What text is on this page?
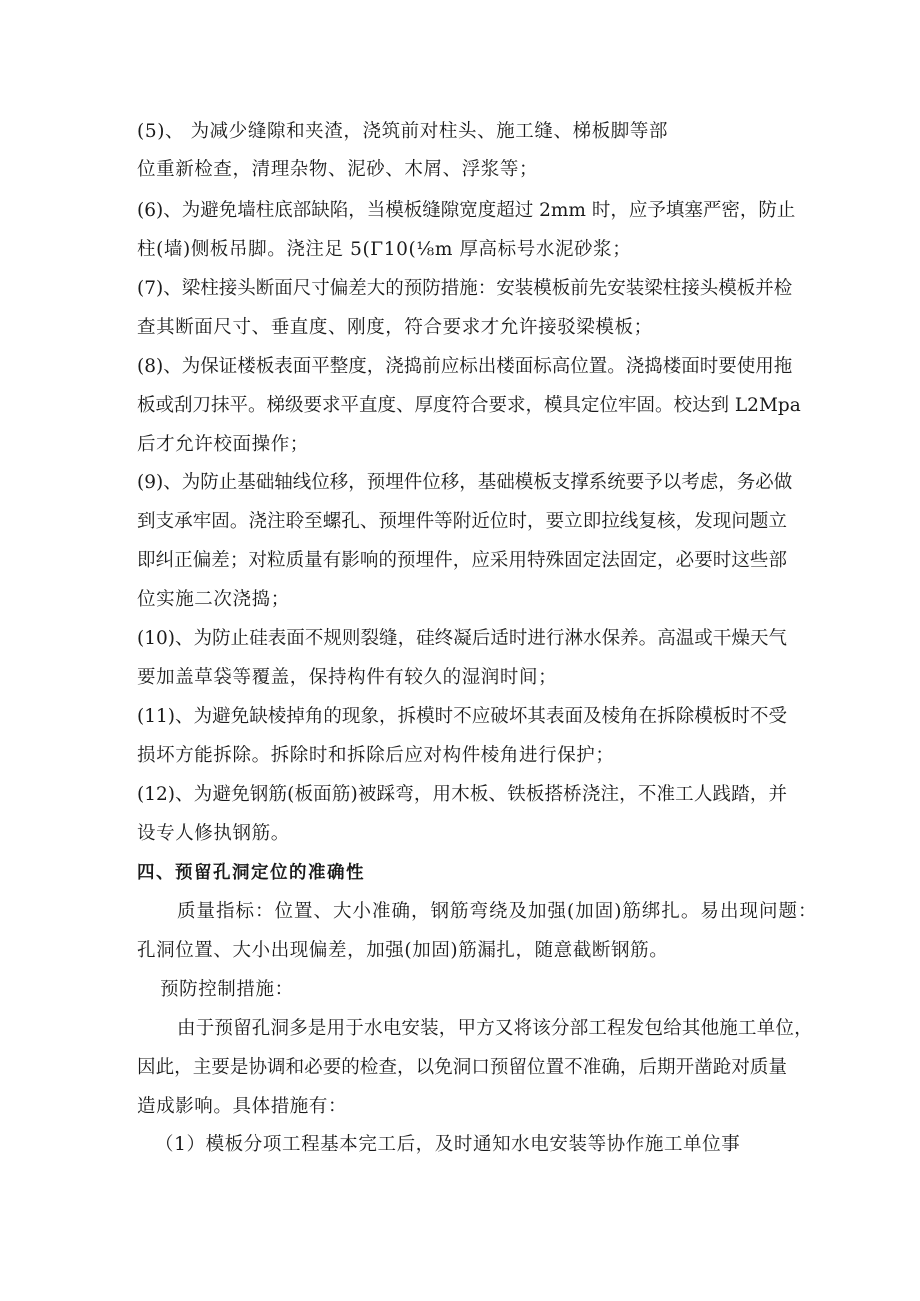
(5)、 为减少缝隙和夹渣，浇筑前对柱头、施工缝、梯板脚等部
位重新检查，清理杂物、泥砂、木屑、浮浆等；
(6)、为避免墙柱底部缺陷，当模板缝隙宽度超过 2mm 时，应予填塞严密，防止
柱(墙)侧板吊脚。浇注足 5(Γ10(⅛m 厚高标号水泥砂浆；
(7)、梁柱接头断面尺寸偏差大的预防措施：安装模板前先安装梁柱接头模板并检
查其断面尺寸、垂直度、刚度，符合要求才允许接驳梁模板；
(8)、为保证楼板表面平整度，浇捣前应标出楼面标高位置。浇捣楼面时要使用拖
板或刮刀抹平。梯级要求平直度、厚度符合要求，模具定位牢固。校达到 L2Mpa
后才允许校面操作；
(9)、为防止基础轴线位移，预埋件位移，基础模板支撑系统要予以考虑，务必做
到支承牢固。浇注聆至螺孔、预埋件等附近位时，要立即拉线复核，发现问题立
即纠正偏差；对粒质量有影响的预埋件，应采用特殊固定法固定，必要时这些部
位实施二次浇捣；
(10)、为防止硅表面不规则裂缝，硅终凝后适时进行淋水保养。高温或干燥天气
要加盖草袋等覆盖，保持构件有较久的湿润时间；
(11)、为避免缺棱掉角的现象，拆模时不应破坏其表面及棱角在拆除模板时不受
损坏方能拆除。拆除时和拆除后应对构件棱角进行保护；
(12)、为避免钢筋(板面筋)被踩弯，用木板、铁板搭桥浇注，不准工人践踏，并
设专人修执钢筋。
四、预留孔洞定位的准确性
质量指标：位置、大小准确，钢筋弯绕及加强(加固)筋绑扎。易出现问题：
孔洞位置、大小出现偏差，加强(加固)筋漏扎，随意截断钢筋。
预防控制措施：
由于预留孔洞多是用于水电安装，甲方又将该分部工程发包给其他施工单位，
因此，主要是协调和必要的检查，以免洞口预留位置不准确，后期开凿跄对质量
造成影响。具体措施有：
（1）模板分项工程基本完工后，及时通知水电安装等协作施工单位事
